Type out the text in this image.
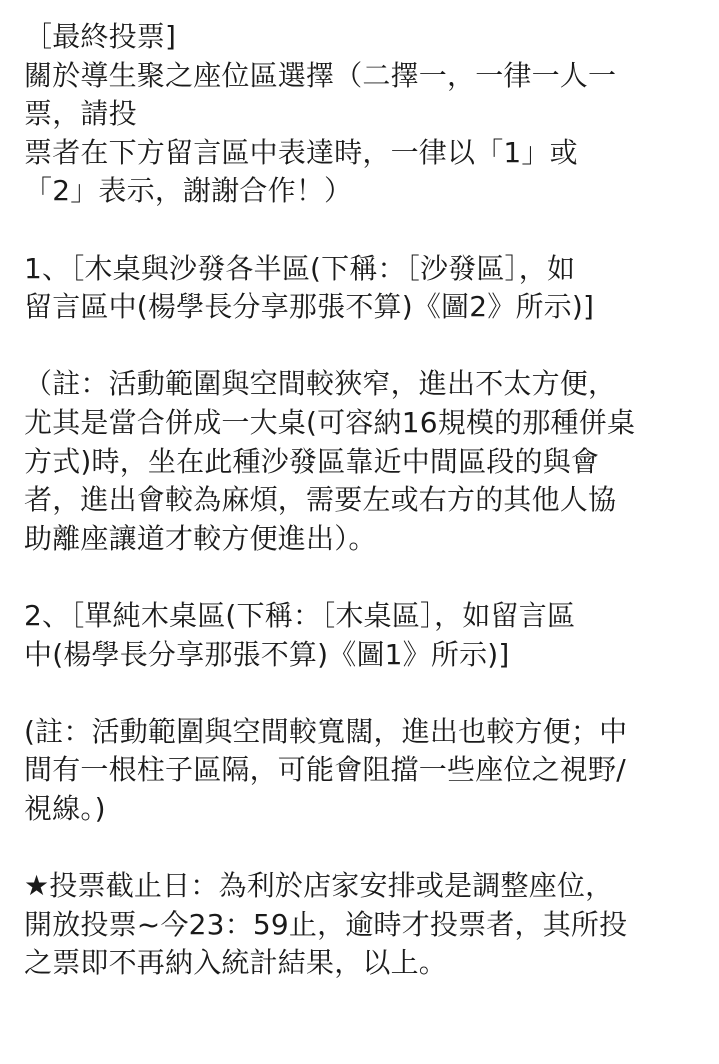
［最終投票]
關於導生聚之座位區選擇（二擇一，一律一人一
票，請投
票者在下方留言區中表達時，一律以「1」或
「2」表示，謝謝合作！）
1、［木桌與沙發各半區(下稱：［沙發區］，如
留言區中(楊學長分享那張不算)《圖2》所示)]
（註：活動範圍與空間較狹窄，進出不太方便，
尤其是當合併成一大桌(可容納16規模的那種併桌
方式)時，坐在此種沙發區靠近中間區段的與會
者，進出會較為麻煩，需要左或右方的其他人協
助離座讓道才較方便進出）。
2、［單純木桌區(下稱：［木桌區］，如留言區
中(楊學長分享那張不算)《圖1》所示)]
(註：活動範圍與空間較寬闊，進出也較方便；中
間有一根柱子區隔，可能會阻擋一些座位之視野/
視線。)
★投票截止日：為利於店家安排或是調整座位，
開放投票~今23：59止，逾時才投票者，其所投
之票即不再納入統計結果，以上。
